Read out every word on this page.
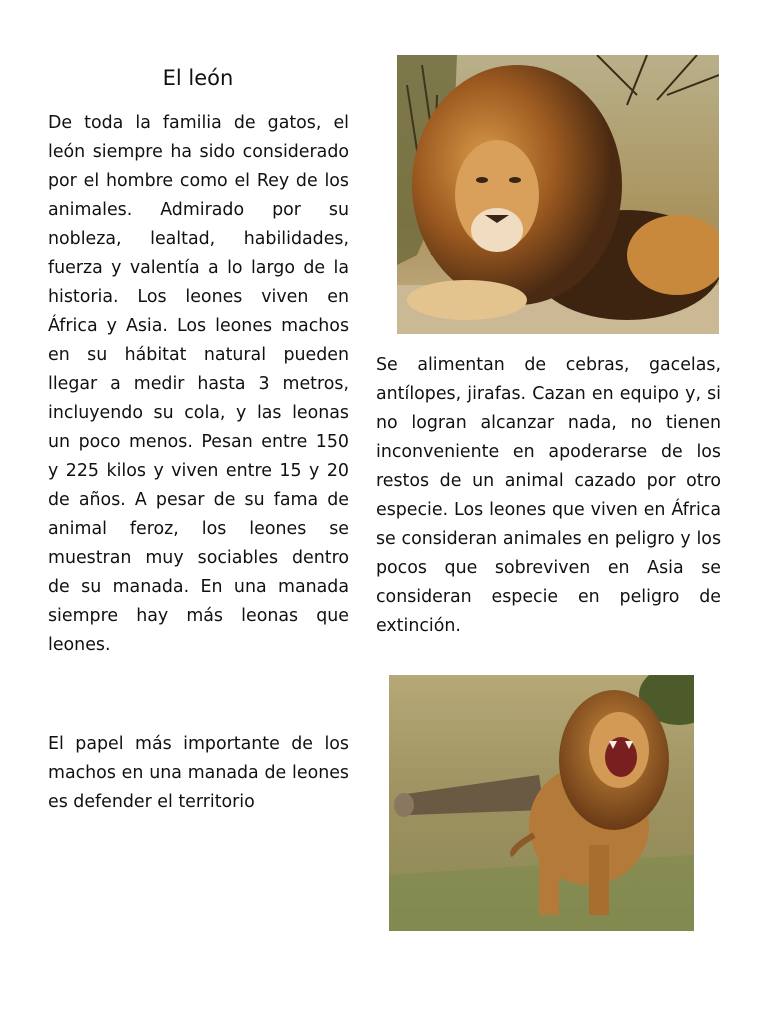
El león

De toda la familia de gatos, el león siempre ha sido considerado por el hombre como el Rey de los animales. Admirado por su nobleza, lealtad, habilidades, fuerza y valentía a lo largo de la historia. Los leones viven en África y Asia. Los leones machos en su hábitat natural pueden llegar a medir hasta 3 metros, incluyendo su cola, y las leonas un poco menos. Pesan entre 150 y 225 kilos y viven entre 15 y 20 de años. A pesar de su fama de animal feroz, los leones se muestran muy sociables dentro de su manada. En una manada siempre hay más leonas que leones.

El papel más importante de los machos en una manada de leones es defender el territorio

Se alimentan de cebras, gacelas, antílopes, jirafas. Cazan en equipo y, si no logran alcanzar nada, no tienen inconveniente en apoderarse de los restos de un animal cazado por otro especie. Los leones que viven en África se consideran animales en peligro y los pocos que sobreviven en Asia se consideran especie en peligro de extinción.
